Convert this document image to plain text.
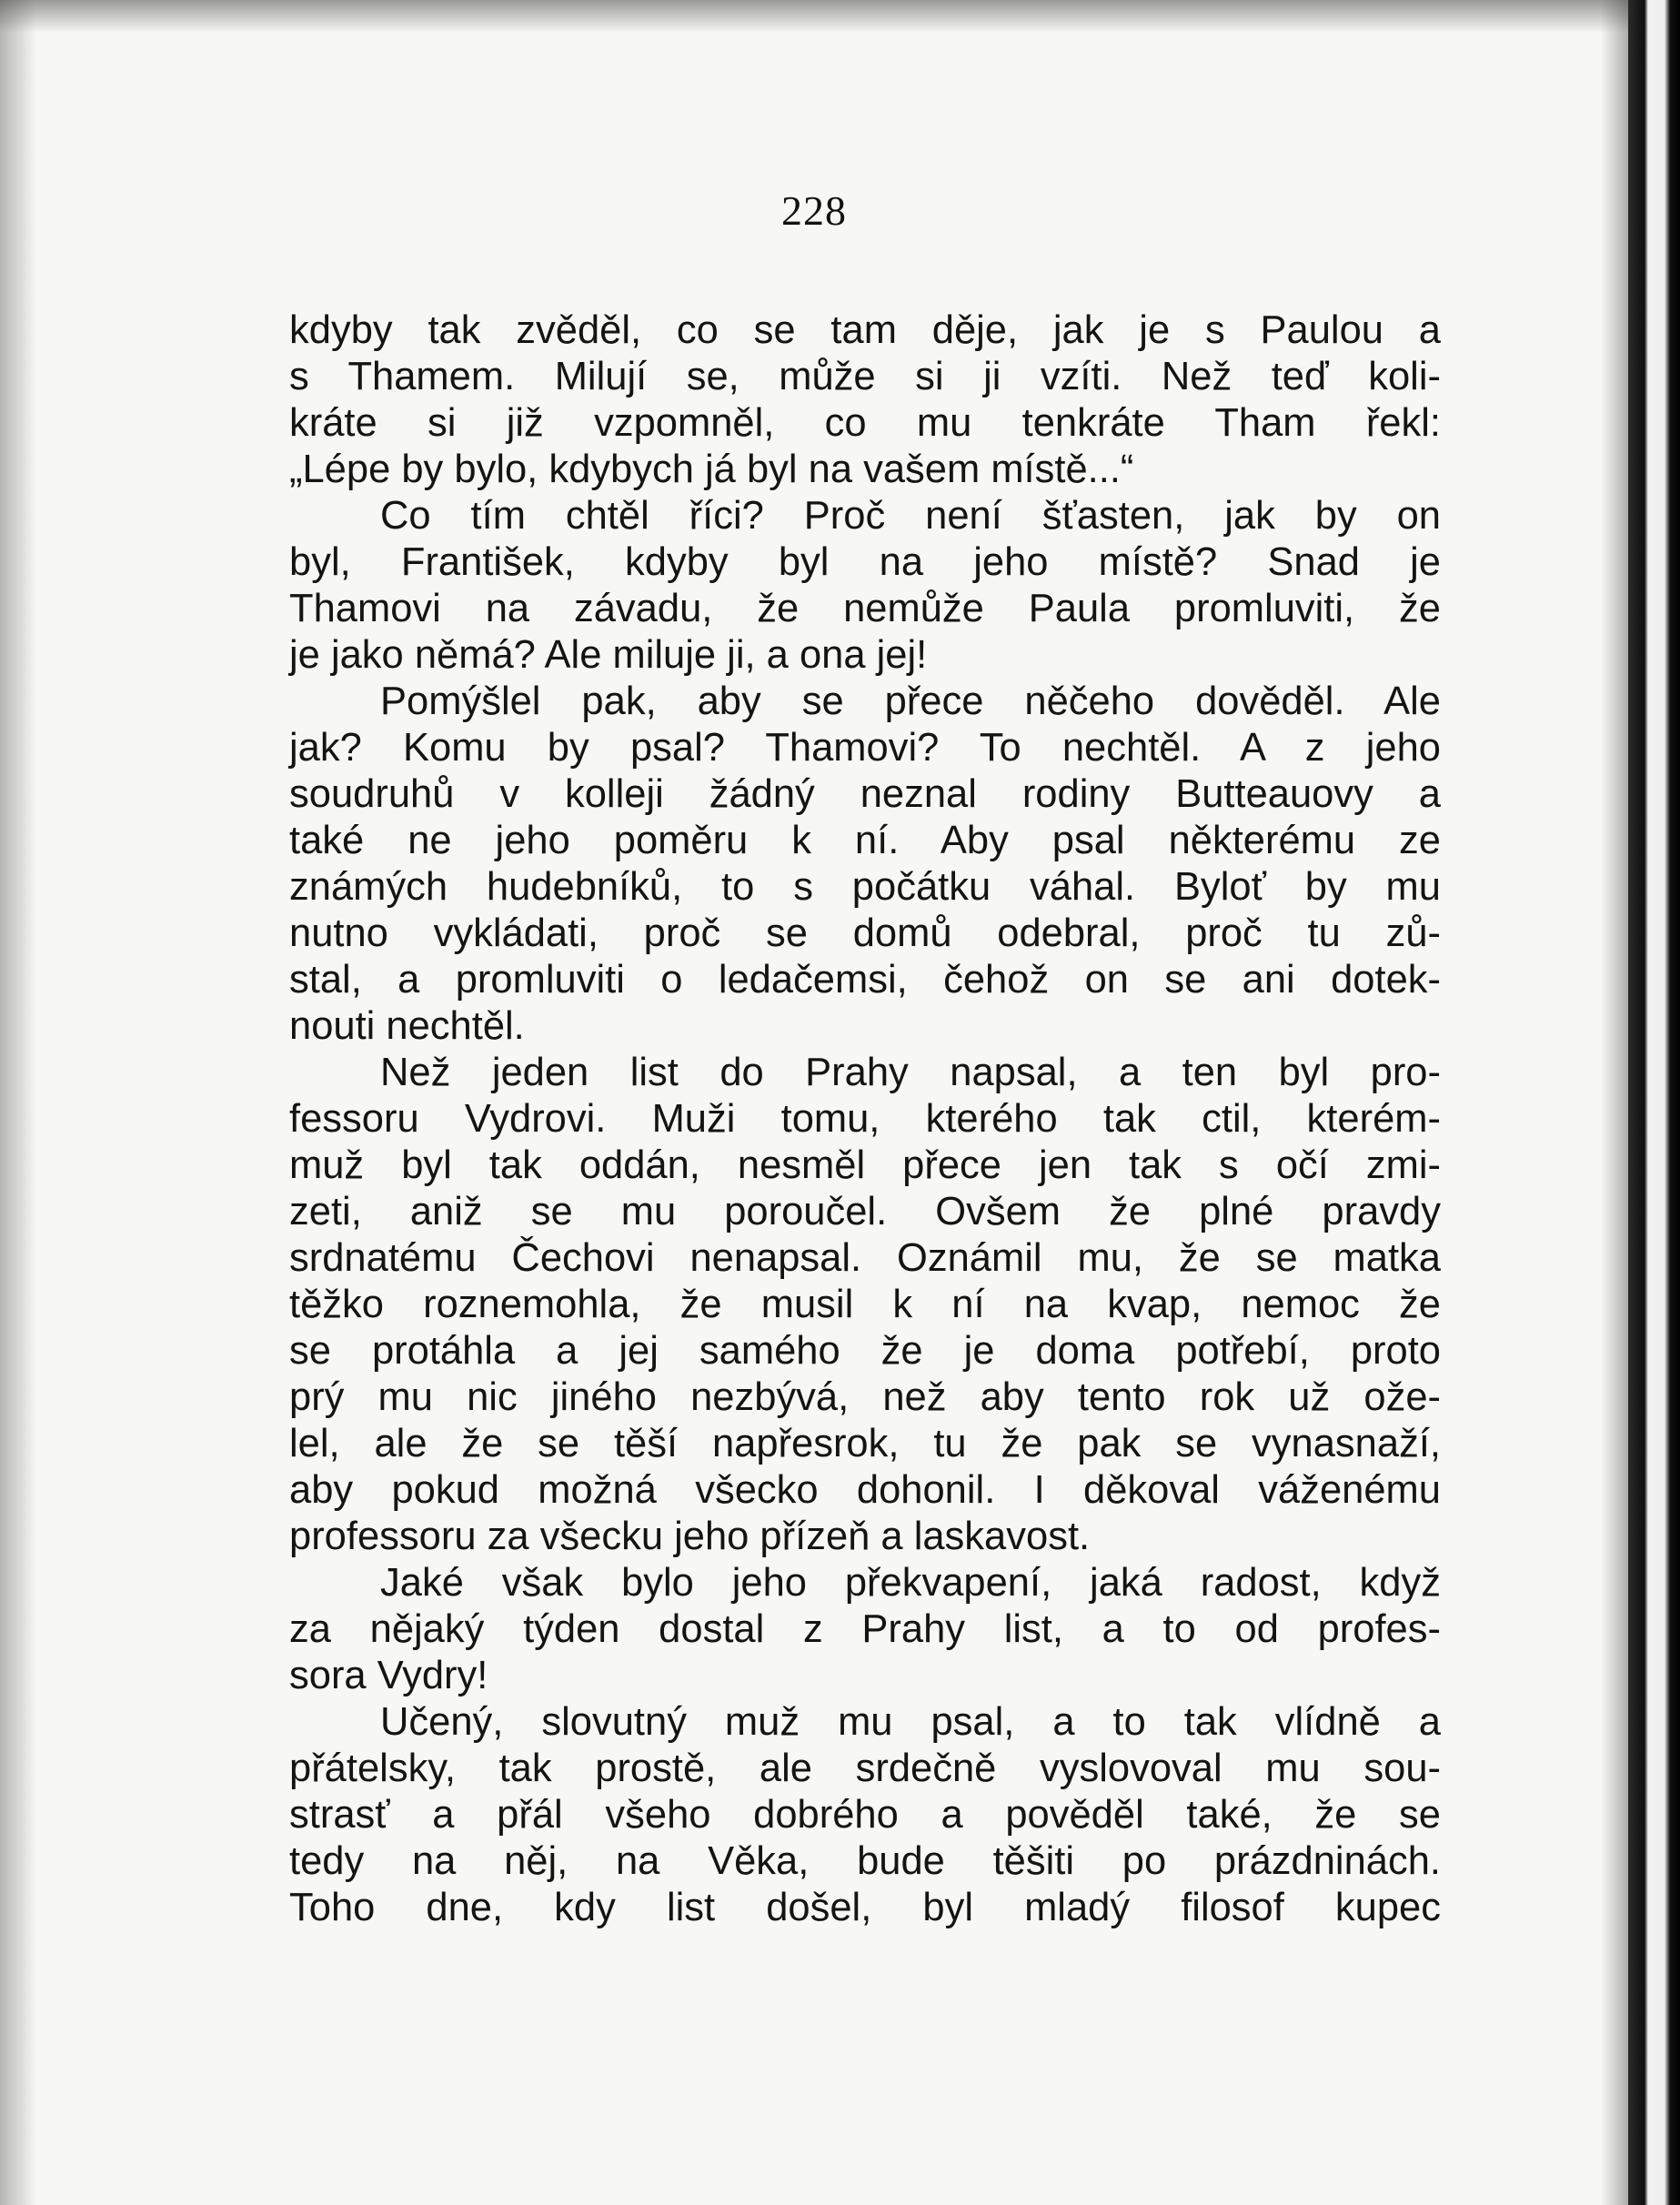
228
kdyby tak zvěděl, co se tam děje, jak je s Paulou a
s Thamem. Milují se, může si ji vzíti. Než teď koli-
kráte si již vzpomněl, co mu tenkráte Tham řekl:
„Lépe by bylo, kdybych já byl na vašem místě...“
Co tím chtěl říci? Proč není šťasten, jak by on
byl, František, kdyby byl na jeho místě? Snad je
Thamovi na závadu, že nemůže Paula promluviti, že
je jako němá? Ale miluje ji, a ona jej!
Pomýšlel pak, aby se přece něčeho dověděl. Ale
jak? Komu by psal? Thamovi? To nechtěl. A z jeho
soudruhů v kolleji žádný neznal rodiny Butteauovy a
také ne jeho poměru k ní. Aby psal některému ze
známých hudebníků, to s počátku váhal. Byloť by mu
nutno vykládati, proč se domů odebral, proč tu zů-
stal, a promluviti o ledačemsi, čehož on se ani dotek-
nouti nechtěl.
Než jeden list do Prahy napsal, a ten byl pro-
fessoru Vydrovi. Muži tomu, kterého tak ctil, kterém-
muž byl tak oddán, nesměl přece jen tak s očí zmi-
zeti, aniž se mu poroučel. Ovšem že plné pravdy
srdnatému Čechovi nenapsal. Oznámil mu, že se matka
těžko roznemohla, že musil k ní na kvap, nemoc že
se protáhla a jej samého že je doma potřebí, proto
prý mu nic jiného nezbývá, než aby tento rok už ože-
lel, ale že se těší napřesrok, tu že pak se vynasnaží,
aby pokud možná všecko dohonil. I děkoval váženému
professoru za všecku jeho přízeň a laskavost.
Jaké však bylo jeho překvapení, jaká radost, když
za nějaký týden dostal z Prahy list, a to od profes-
sora Vydry!
Učený, slovutný muž mu psal, a to tak vlídně a
přátelsky, tak prostě, ale srdečně vyslovoval mu sou-
strasť a přál všeho dobrého a pověděl také, že se
tedy na něj, na Věka, bude těšiti po prázdninách.
Toho dne, kdy list došel, byl mladý filosof kupec
